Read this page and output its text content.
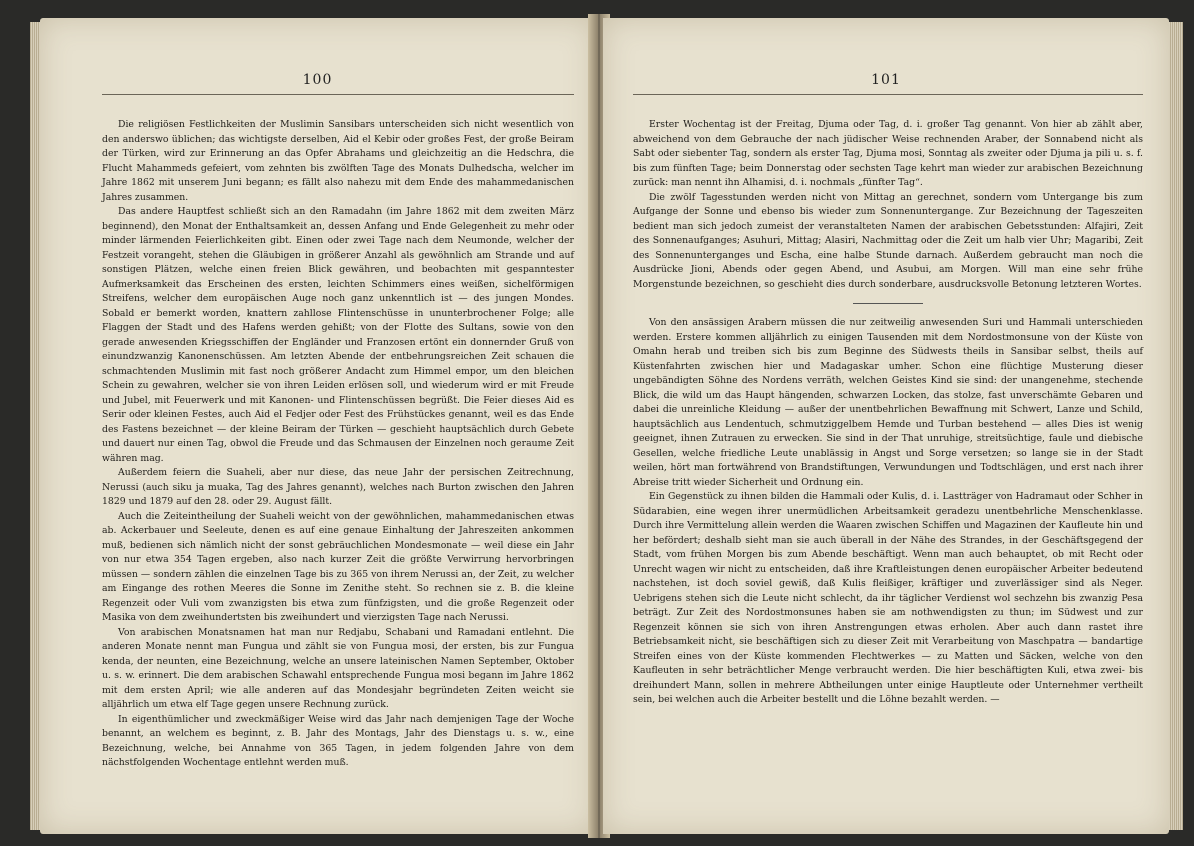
100

Die religiösen Festlichkeiten der Muslimin Sansibars unterscheiden sich nicht wesentlich von den anderswo üblichen; das wichtigste derselben, Aid el Kebir oder großes Fest, der große Beiram der Türken, wird zur Erinnerung an das Opfer Abrahams und gleichzeitig an die Hedschra, die Flucht Mahammeds gefeiert, vom zehnten bis zwölften Tage des Monats Dulhedscha, welcher im Jahre 1862 mit unserem Juni begann; es fällt also nahezu mit dem Ende des mahammedanischen Jahres zusammen.

Das andere Hauptfest schließt sich an den Ramadahn (im Jahre 1862 mit dem zweiten März beginnend), den Monat der Enthaltsamkeit an, dessen Anfang und Ende Gelegenheit zu mehr oder minder lärmenden Feierlichkeiten gibt. Einen oder zwei Tage nach dem Neumonde, welcher der Festzeit vorangeht, stehen die Gläubigen in größerer Anzahl als gewöhnlich am Strande und auf sonstigen Plätzen, welche einen freien Blick gewähren, und beobachten mit gespanntester Aufmerksamkeit das Erscheinen des ersten, leichten Schimmers eines weißen, sichelförmigen Streifens, welcher dem europäischen Auge noch ganz unkenntlich ist — des jungen Mondes. Sobald er bemerkt worden, knattern zahllose Flintenschüsse in ununterbrochener Folge; alle Flaggen der Stadt und des Hafens werden gehißt; von der Flotte des Sultans, sowie von den gerade anwesenden Kriegsschiffen der Engländer und Franzosen ertönt ein donnernder Gruß von einundzwanzig Kanonenschüssen. Am letzten Abende der entbehrungsreichen Zeit schauen die schmachtenden Muslimin mit fast noch größerer Andacht zum Himmel empor, um den bleichen Schein zu gewahren, welcher sie von ihren Leiden erlösen soll, und wiederum wird er mit Freude und Jubel, mit Feuerwerk und mit Kanonen- und Flintenschüssen begrüßt. Die Feier dieses Aid es Serir oder kleinen Festes, auch Aid el Fedjer oder Fest des Frühstückes genannt, weil es das Ende des Fastens bezeichnet — der kleine Beiram der Türken — geschieht hauptsächlich durch Gebete und dauert nur einen Tag, obwol die Freude und das Schmausen der Einzelnen noch geraume Zeit währen mag.

Außerdem feiern die Suaheli, aber nur diese, das neue Jahr der persischen Zeitrechnung, Nerussi (auch siku ja muaka, Tag des Jahres genannt), welches nach Burton zwischen den Jahren 1829 und 1879 auf den 28. oder 29. August fällt.

Auch die Zeiteintheilung der Suaheli weicht von der gewöhnlichen, mahammedanischen etwas ab. Ackerbauer und Seeleute, denen es auf eine genaue Einhaltung der Jahreszeiten ankommen muß, bedienen sich nämlich nicht der sonst gebräuchlichen Mondesmonate — weil diese ein Jahr von nur etwa 354 Tagen ergeben, also nach kurzer Zeit die größte Verwirrung hervorbringen müssen — sondern zählen die einzelnen Tage bis zu 365 von ihrem Nerussi an, der Zeit, zu welcher am Eingange des rothen Meeres die Sonne im Zenithe steht. So rechnen sie z. B. die kleine Regenzeit oder Vuli vom zwanzigsten bis etwa zum fünfzigsten, und die große Regenzeit oder Masika von dem zweihundertsten bis zweihundert und vierzigsten Tage nach Nerussi.

Von arabischen Monatsnamen hat man nur Redjabu, Schabani und Ramadani entlehnt. Die anderen Monate nennt man Fungua und zählt sie von Fungua mosi, der ersten, bis zur Fungua kenda, der neunten, eine Bezeichnung, welche an unsere lateinischen Namen September, Oktober u. s. w. erinnert. Die dem arabischen Schawahl entsprechende Fungua mosi begann im Jahre 1862 mit dem ersten April; wie alle anderen auf das Mondesjahr begründeten Zeiten weicht sie alljährlich um etwa elf Tage gegen unsere Rechnung zurück.

In eigenthümlicher und zweckmäßiger Weise wird das Jahr nach demjenigen Tage der Woche benannt, an welchem es beginnt, z. B. Jahr des Montags, Jahr des Dienstags u. s. w., eine Bezeichnung, welche, bei Annahme von 365 Tagen, in jedem folgenden Jahre von dem nächstfolgenden Wochentage entlehnt werden muß.

101

Erster Wochentag ist der Freitag, Djuma oder Tag, d. i. großer Tag genannt. Von hier ab zählt aber, abweichend von dem Gebrauche der nach jüdischer Weise rechnenden Araber, der Sonnabend nicht als Sabt oder siebenter Tag, sondern als erster Tag, Djuma mosi, Sonntag als zweiter oder Djuma ja pili u. s. f. bis zum fünften Tage; beim Donnerstag oder sechsten Tage kehrt man wieder zur arabischen Bezeichnung zurück: man nennt ihn Alhamisi, d. i. nochmals „fünfter Tag“.

Die zwölf Tagesstunden werden nicht von Mittag an gerechnet, sondern vom Untergange bis zum Aufgange der Sonne und ebenso bis wieder zum Sonnenuntergange. Zur Bezeichnung der Tageszeiten bedient man sich jedoch zumeist der veranstalteten Namen der arabischen Gebetsstunden: Alfajiri, Zeit des Sonnenaufganges; Asuhuri, Mittag; Alasiri, Nachmittag oder die Zeit um halb vier Uhr; Magaribi, Zeit des Sonnenunterganges und Escha, eine halbe Stunde darnach. Außerdem gebraucht man noch die Ausdrücke Jioni, Abends oder gegen Abend, und Asubui, am Morgen. Will man eine sehr frühe Morgenstunde bezeichnen, so geschieht dies durch sonderbare, ausdrucksvolle Betonung letzteren Wortes.

Von den ansässigen Arabern müssen die nur zeitweilig anwesenden Suri und Hammali unterschieden werden. Erstere kommen alljährlich zu einigen Tausenden mit dem Nordostmonsune von der Küste von Omahn herab und treiben sich bis zum Beginne des Südwests theils in Sansibar selbst, theils auf Küstenfahrten zwischen hier und Madagaskar umher. Schon eine flüchtige Musterung dieser ungebändigten Söhne des Nordens verräth, welchen Geistes Kind sie sind: der unangenehme, stechende Blick, die wild um das Haupt hängenden, schwarzen Locken, das stolze, fast unverschämte Gebaren und dabei die unreinliche Kleidung — außer der unentbehrlichen Bewaffnung mit Schwert, Lanze und Schild, hauptsächlich aus Lendentuch, schmutziggelbem Hemde und Turban bestehend — alles Dies ist wenig geeignet, ihnen Zutrauen zu erwecken. Sie sind in der That unruhige, streitsüchtige, faule und diebische Gesellen, welche friedliche Leute unablässig in Angst und Sorge versetzen; so lange sie in der Stadt weilen, hört man fortwährend von Brandstiftungen, Verwundungen und Todtschlägen, und erst nach ihrer Abreise tritt wieder Sicherheit und Ordnung ein.

Ein Gegenstück zu ihnen bilden die Hammali oder Kulis, d. i. Lastträger von Hadramaut oder Schher in Südarabien, eine wegen ihrer unermüdlichen Arbeitsamkeit geradezu unentbehrliche Menschenklasse. Durch ihre Vermittelung allein werden die Waaren zwischen Schiffen und Magazinen der Kaufleute hin und her befördert; deshalb sieht man sie auch überall in der Nähe des Strandes, in der Geschäftsgegend der Stadt, vom frühen Morgen bis zum Abende beschäftigt. Wenn man auch behauptet, ob mit Recht oder Unrecht wagen wir nicht zu entscheiden, daß ihre Kraftleistungen denen europäischer Arbeiter bedeutend nachstehen, ist doch soviel gewiß, daß Kulis fleißiger, kräftiger und zuverlässiger sind als Neger. Uebrigens stehen sich die Leute nicht schlecht, da ihr täglicher Verdienst wol sechzehn bis zwanzig Pesa beträgt. Zur Zeit des Nordostmonsunes haben sie am nothwendigsten zu thun; im Südwest und zur Regenzeit können sie sich von ihren Anstrengungen etwas erholen. Aber auch dann rastet ihre Betriebsamkeit nicht, sie beschäftigen sich zu dieser Zeit mit Verarbeitung von Maschpatra — bandartige Streifen eines von der Küste kommenden Flechtwerkes — zu Matten und Säcken, welche von den Kaufleuten in sehr beträchtlicher Menge verbraucht werden. Die hier beschäftigten Kuli, etwa zwei- bis dreihundert Mann, sollen in mehrere Abtheilungen unter einige Hauptleute oder Unternehmer vertheilt sein, bei welchen auch die Arbeiter bestellt und die Löhne bezahlt werden. —
